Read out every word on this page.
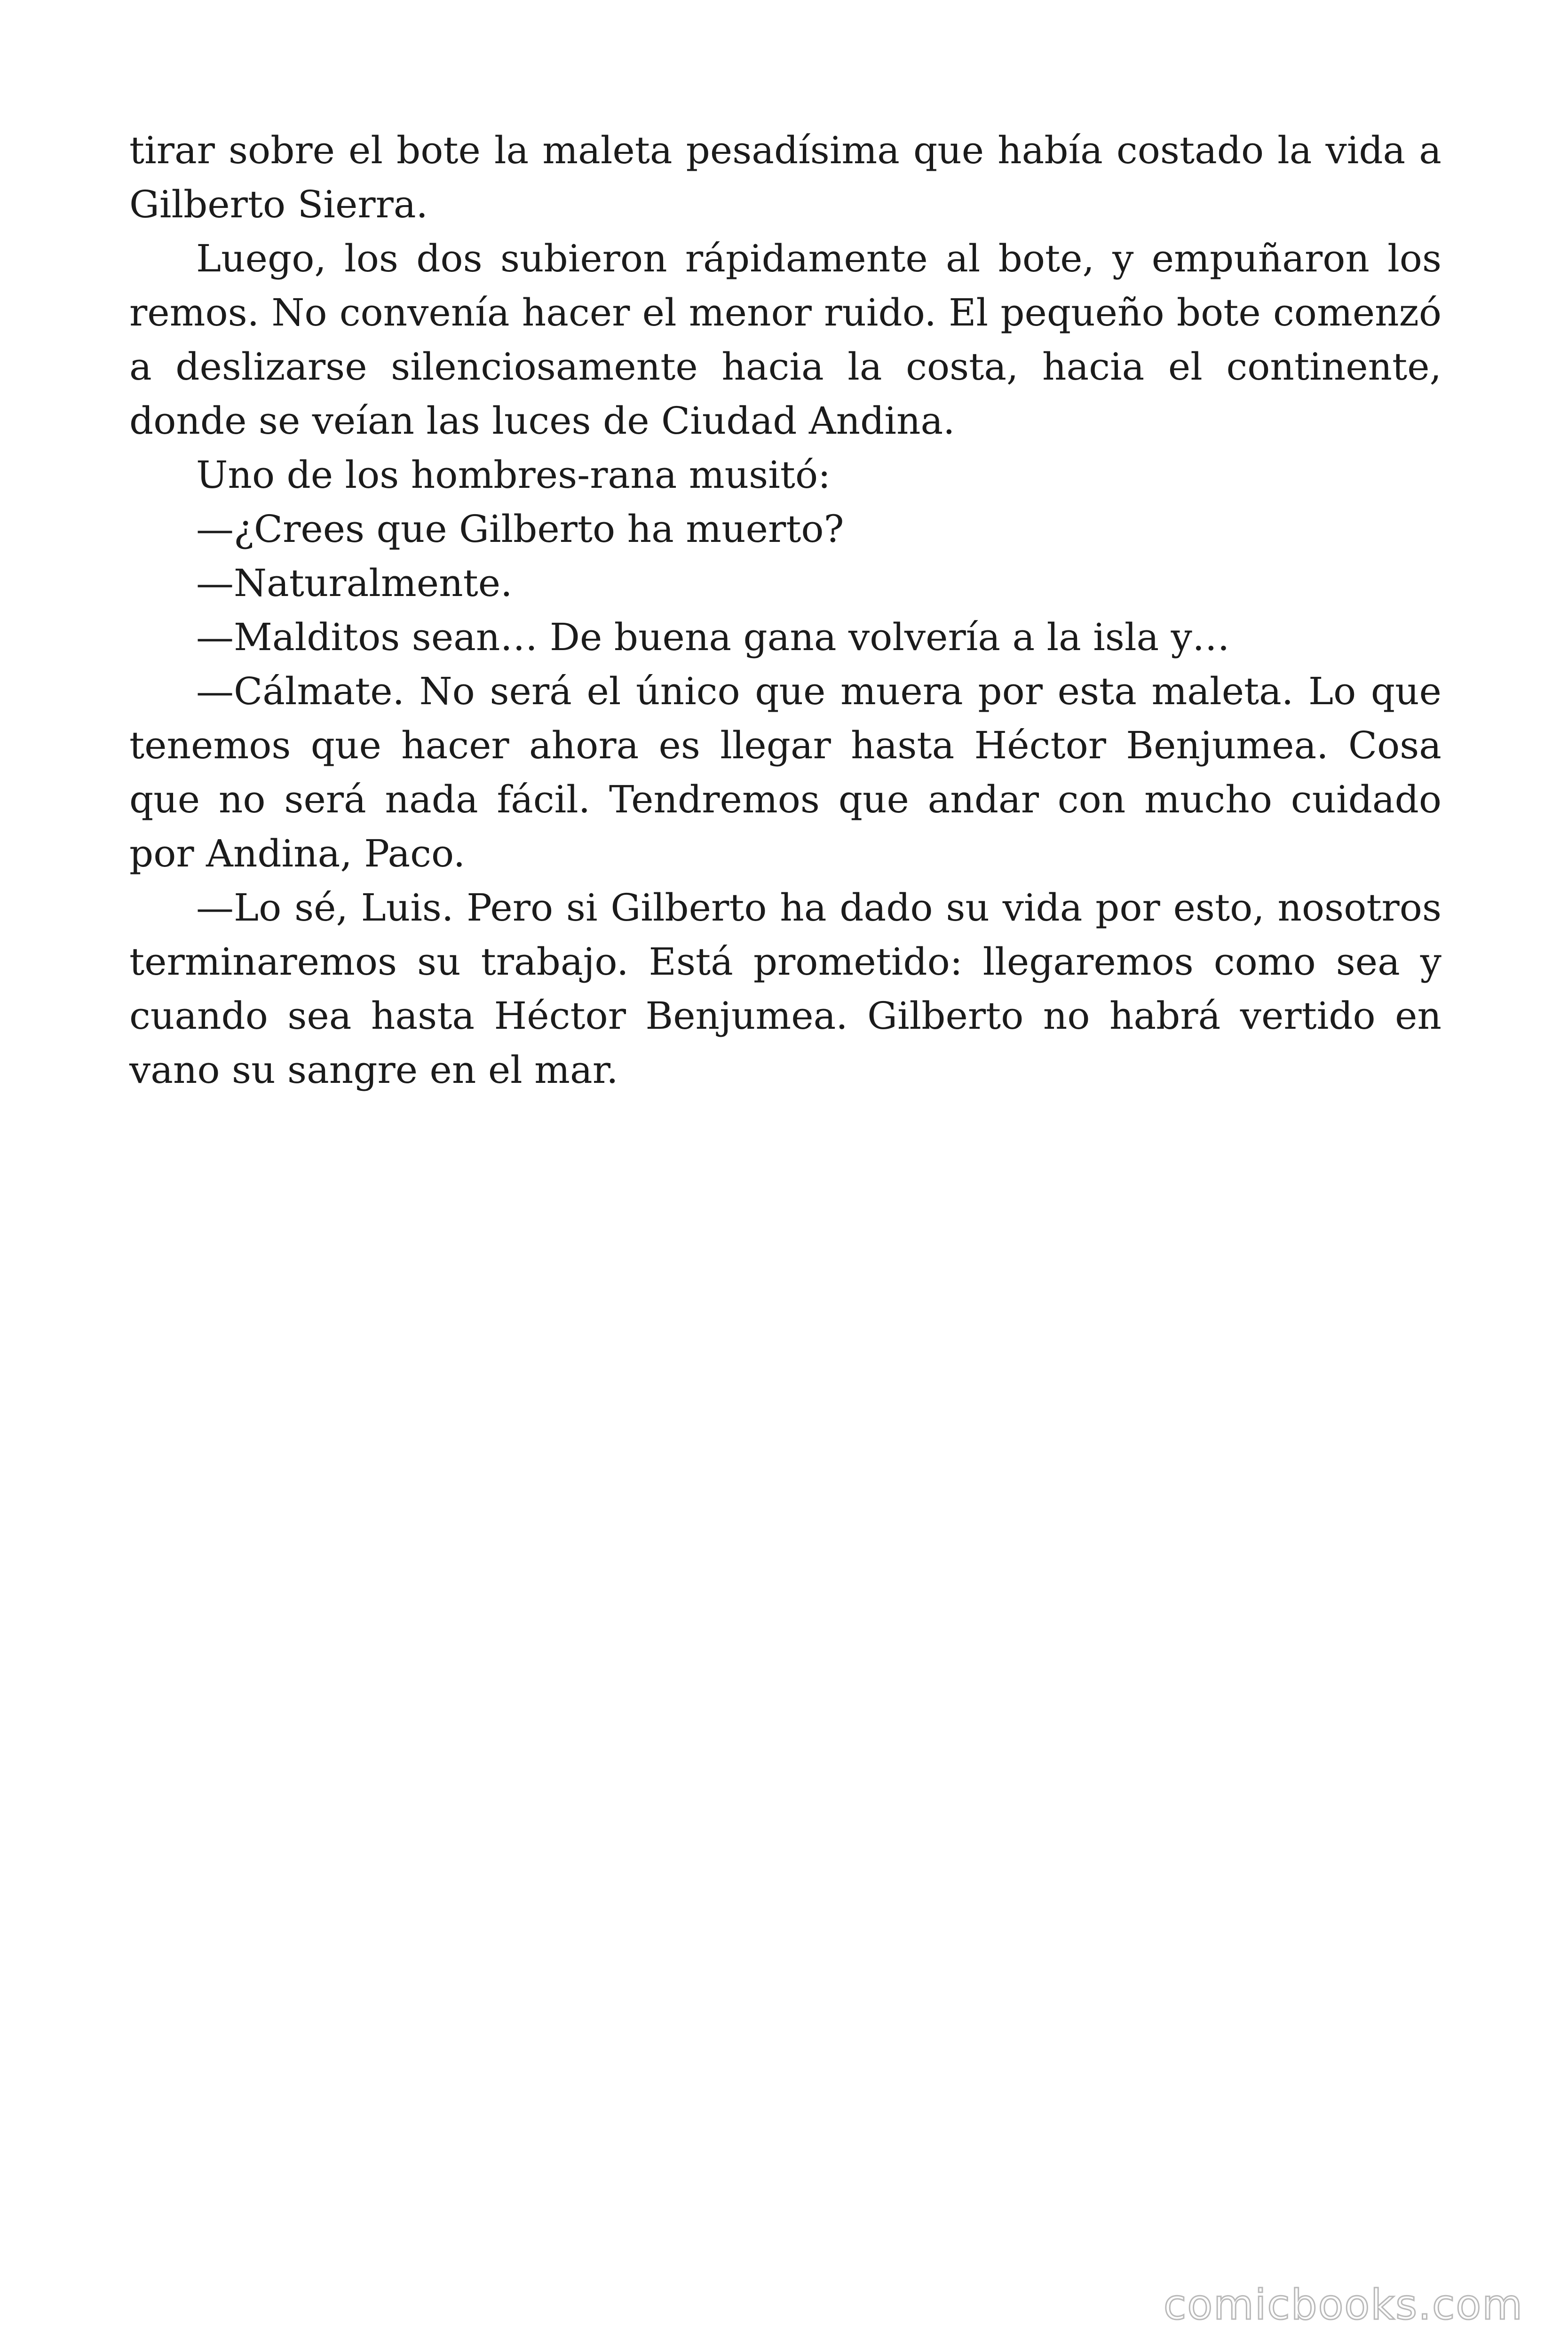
tirar sobre el bote la maleta pesadísima que había costado la vida a Gilberto Sierra.

Luego, los dos subieron rápidamente al bote, y empuñaron los remos. No convenía hacer el menor ruido. El pequeño bote comenzó a deslizarse silenciosamente hacia la costa, hacia el continente, donde se veían las luces de Ciudad Andina.

Uno de los hombres-rana musitó:

—¿Crees que Gilberto ha muerto?

—Naturalmente.

—Malditos sean… De buena gana volvería a la isla y…

—Cálmate. No será el único que muera por esta maleta. Lo que tenemos que hacer ahora es llegar hasta Héctor Benjumea. Cosa que no será nada fácil. Tendremos que andar con mucho cuidado por Andina, Paco.

—Lo sé, Luis. Pero si Gilberto ha dado su vida por esto, nosotros terminaremos su trabajo. Está prometido: llegaremos como sea y cuando sea hasta Héctor Benjumea. Gilberto no habrá vertido en vano su sangre en el mar.

comicbooks.com
